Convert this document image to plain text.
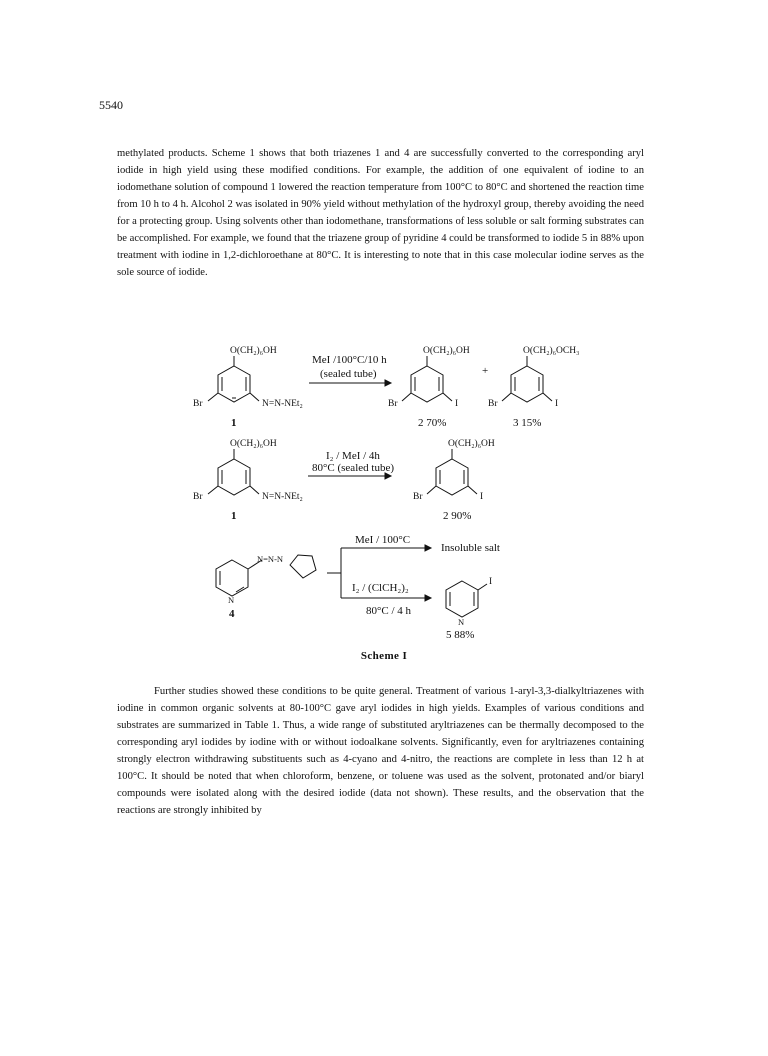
5540

methylated products. Scheme 1 shows that both triazenes 1 and 4 are successfully converted to the corresponding aryl iodide in high yield using these modified conditions. For example, the addition of one equivalent of iodine to an iodomethane solution of compound 1 lowered the reaction temperature from 100°C to 80°C and shortened the reaction time from 10 h to 4 h. Alcohol 2 was isolated in 90% yield without methylation of the hydroxyl group, thereby avoiding the need for a protecting group. Using solvents other than iodomethane, transformations of less soluble or salt forming substrates can be accomplished. For example, we found that the triazene group of pyridine 4 could be transformed to iodide 5 in 88% upon treatment with iodine in 1,2-dichloroethane at 80°C. It is interesting to note that in this case molecular iodine serves as the sole source of iodide.

O(CH₂)₆OH
Br	N=N-NEt₂
1
MeI /100°C/10 h
(sealed tube)
O(CH₂)₆OH
Br	I
2 70%
+
O(CH₂)₆OCH₃
Br	I
3 15%
O(CH₂)₆OH
Br	N=N-NEt₂
1
I₂ / MeI / 4h
80°C (sealed tube)
O(CH₂)₆OH
Br	I
2 90%
N=N-N
N
4
MeI / 100°C
Insoluble salt
I₂ / (ClCH₂)₂
80°C / 4 h
I
N
5 88%
Scheme I

Further studies showed these conditions to be quite general. Treatment of various 1-aryl-3,3-dialkyltriazenes with iodine in common organic solvents at 80-100°C gave aryl iodides in high yields. Examples of various conditions and substrates are summarized in Table 1. Thus, a wide range of substituted aryltriazenes can be thermally decomposed to the corresponding aryl iodides by iodine with or without iodoalkane solvents. Significantly, even for aryltriazenes containing strongly electron withdrawing substituents such as 4-cyano and 4-nitro, the reactions are complete in less than 12 h at 100°C. It should be noted that when chloroform, benzene, or toluene was used as the solvent, protonated and/or biaryl compounds were isolated along with the desired iodide (data not shown). These results, and the observation that the reactions are strongly inhibited by
